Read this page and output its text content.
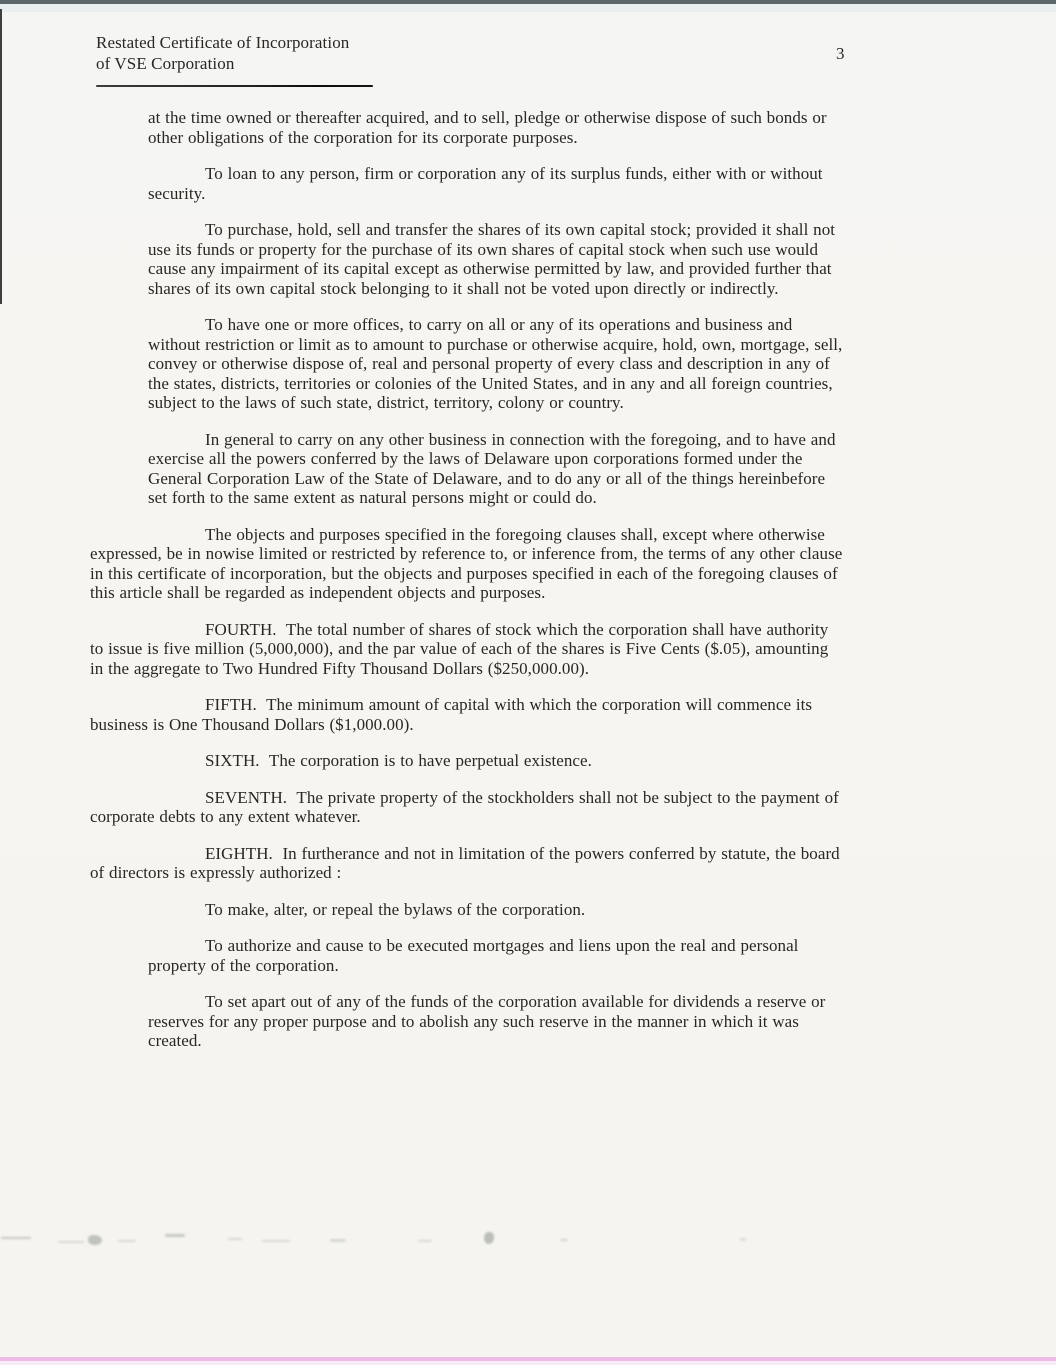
Restated Certificate of Incorporation
of VSE Corporation
3

at the time owned or thereafter acquired, and to sell, pledge or otherwise dispose of such bonds or other obligations of the corporation for its corporate purposes.

To loan to any person, firm or corporation any of its surplus funds, either with or without security.

To purchase, hold, sell and transfer the shares of its own capital stock; provided it shall not use its funds or property for the purchase of its own shares of capital stock when such use would cause any impairment of its capital except as otherwise permitted by law, and provided further that shares of its own capital stock belonging to it shall not be voted upon directly or indirectly.

To have one or more offices, to carry on all or any of its operations and business and without restriction or limit as to amount to purchase or otherwise acquire, hold, own, mortgage, sell, convey or otherwise dispose of, real and personal property of every class and description in any of the states, districts, territories or colonies of the United States, and in any and all foreign countries, subject to the laws of such state, district, territory, colony or country.

In general to carry on any other business in connection with the foregoing, and to have and exercise all the powers conferred by the laws of Delaware upon corporations formed under the General Corporation Law of the State of Delaware, and to do any or all of the things hereinbefore set forth to the same extent as natural persons might or could do.

The objects and purposes specified in the foregoing clauses shall, except where otherwise expressed, be in nowise limited or restricted by reference to, or inference from, the terms of any other clause in this certificate of incorporation, but the objects and purposes specified in each of the foregoing clauses of this article shall be regarded as independent objects and purposes.

FOURTH.  The total number of shares of stock which the corporation shall have authority to issue is five million (5,000,000), and the par value of each of the shares is Five Cents ($.05), amounting in the aggregate to Two Hundred Fifty Thousand Dollars ($250,000.00).

FIFTH.  The minimum amount of capital with which the corporation will commence its business is One Thousand Dollars ($1,000.00).

SIXTH.  The corporation is to have perpetual existence.

SEVENTH.  The private property of the stockholders shall not be subject to the payment of corporate debts to any extent whatever.

EIGHTH.  In furtherance and not in limitation of the powers conferred by statute, the board of directors is expressly authorized :

To make, alter, or repeal the bylaws of the corporation.

To authorize and cause to be executed mortgages and liens upon the real and personal property of the corporation.

To set apart out of any of the funds of the corporation available for dividends a reserve or reserves for any proper purpose and to abolish any such reserve in the manner in which it was created.
